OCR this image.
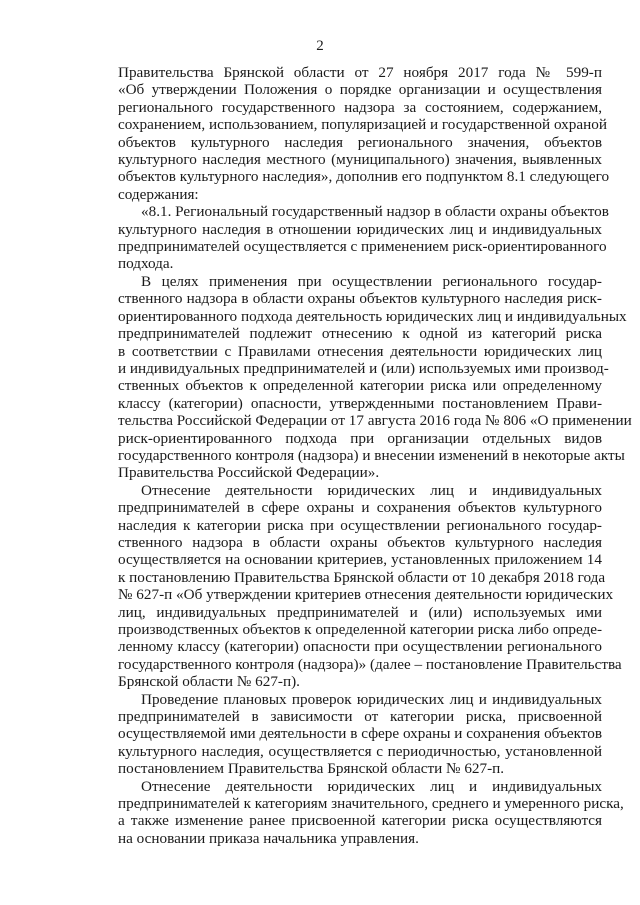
2
Правительства Брянской области от 27 ноября 2017 года № 599-п
«Об утверждении Положения о порядке организации и осуществления
регионального государственного надзора за состоянием, содержанием,
сохранением, использованием, популяризацией и государственной охраной
объектов культурного наследия регионального значения, объектов
культурного наследия местного (муниципального) значения, выявленных
объектов культурного наследия», дополнив его подпунктом 8.1 следующего
содержания:
«8.1. Региональный государственный надзор в области охраны объектов
культурного наследия в отношении юридических лиц и индивидуальных
предпринимателей осуществляется с применением риск-ориентированного
подхода.
В целях применения при осуществлении регионального государ-
ственного надзора в области охраны объектов культурного наследия риск-
ориентированного подхода деятельность юридических лиц и индивидуальных
предпринимателей подлежит отнесению к одной из категорий риска
в соответствии с Правилами отнесения деятельности юридических лиц
и индивидуальных предпринимателей и (или) используемых ими производ-
ственных объектов к определенной категории риска или определенному
классу (категории) опасности, утвержденными постановлением Прави-
тельства Российской Федерации от 17 августа 2016 года № 806 «О применении
риск-ориентированного подхода при организации отдельных видов
государственного контроля (надзора) и внесении изменений в некоторые акты
Правительства Российской Федерации».
Отнесение деятельности юридических лиц и индивидуальных
предпринимателей в сфере охраны и сохранения объектов культурного
наследия к категории риска при осуществлении регионального государ-
ственного надзора в области охраны объектов культурного наследия
осуществляется на основании критериев, установленных приложением 14
к постановлению Правительства Брянской области от 10 декабря 2018 года
№ 627-п «Об утверждении критериев отнесения деятельности юридических
лиц, индивидуальных предпринимателей и (или) используемых ими
производственных объектов к определенной категории риска либо опреде-
ленному классу (категории) опасности при осуществлении регионального
государственного контроля (надзора)» (далее – постановление Правительства
Брянской области № 627-п).
Проведение плановых проверок юридических лиц и индивидуальных
предпринимателей в зависимости от категории риска, присвоенной
осуществляемой ими деятельности в сфере охраны и сохранения объектов
культурного наследия, осуществляется с периодичностью, установленной
постановлением Правительства Брянской области № 627-п.
Отнесение деятельности юридических лиц и индивидуальных
предпринимателей к категориям значительного, среднего и умеренного риска,
а также изменение ранее присвоенной категории риска осуществляются
на основании приказа начальника управления.
